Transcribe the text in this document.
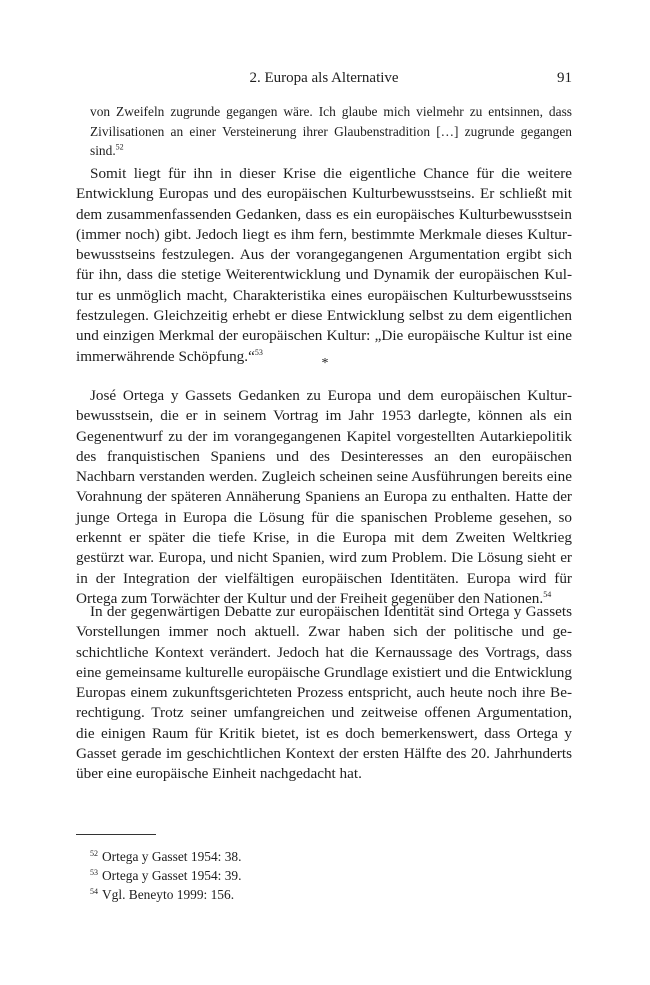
2. Europa als Alternative	91

von Zweifeln zugrunde gegangen wäre. Ich glaube mich vielmehr zu entsinnen, dass Zivilisationen an einer Versteinerung ihrer Glaubenstradition […] zugrunde gegangen sind.$^{52}$

Somit liegt für ihn in dieser Krise die eigentliche Chance für die weitere Entwicklung Europas und des europäischen Kulturbewusstseins. Er schließt mit dem zusammenfassenden Gedanken, dass es ein europäisches Kulturbewusstsein (immer noch) gibt. Jedoch liegt es ihm fern, bestimmte Merkmale dieses Kulturbewusstseins festzulegen. Aus der vorangegangenen Argumentation ergibt sich für ihn, dass die stetige Weiterentwicklung und Dynamik der europäischen Kultur es unmöglich macht, Charakteristika eines europäischen Kulturbewusstseins festzulegen. Gleichzeitig erhebt er diese Entwicklung selbst zu dem eigentlichen und einzigen Merkmal der europäischen Kultur: „Die europäische Kultur ist eine immerwährende Schöpfung.“$^{53}$

*

José Ortega y Gassets Gedanken zu Europa und dem europäischen Kulturbewusstsein, die er in seinem Vortrag im Jahr 1953 darlegte, können als ein Gegenentwurf zu der im vorangegangenen Kapitel vorgestellten Autarkiepolitik des franquistischen Spaniens und des Desinteresses an den europäischen Nachbarn verstanden werden. Zugleich scheinen seine Ausführungen bereits eine Vorahnung der späteren Annäherung Spaniens an Europa zu enthalten. Hatte der junge Ortega in Europa die Lösung für die spanischen Probleme gesehen, so erkennt er später die tiefe Krise, in die Europa mit dem Zweiten Weltkrieg gestürzt war. Europa, und nicht Spanien, wird zum Problem. Die Lösung sieht er in der Integration der vielfältigen europäischen Identitäten. Europa wird für Ortega zum Torwächter der Kultur und der Freiheit gegenüber den Nationen.$^{54}$

In der gegenwärtigen Debatte zur europäischen Identität sind Ortega y Gassets Vorstellungen immer noch aktuell. Zwar haben sich der politische und geschichtliche Kontext verändert. Jedoch hat die Kernaussage des Vortrags, dass eine gemeinsame kulturelle europäische Grundlage existiert und die Entwicklung Europas einem zukunftsgerichteten Prozess entspricht, auch heute noch ihre Berechtigung. Trotz seiner umfangreichen und zeitweise offenen Argumentation, die einigen Raum für Kritik bietet, ist es doch bemerkenswert, dass Ortega y Gasset gerade im geschichtlichen Kontext der ersten Hälfte des 20. Jahrhunderts über eine europäische Einheit nachgedacht hat.

$^{52}$ Ortega y Gasset 1954: 38.
$^{53}$ Ortega y Gasset 1954: 39.
$^{54}$ Vgl. Beneyto 1999: 156.
